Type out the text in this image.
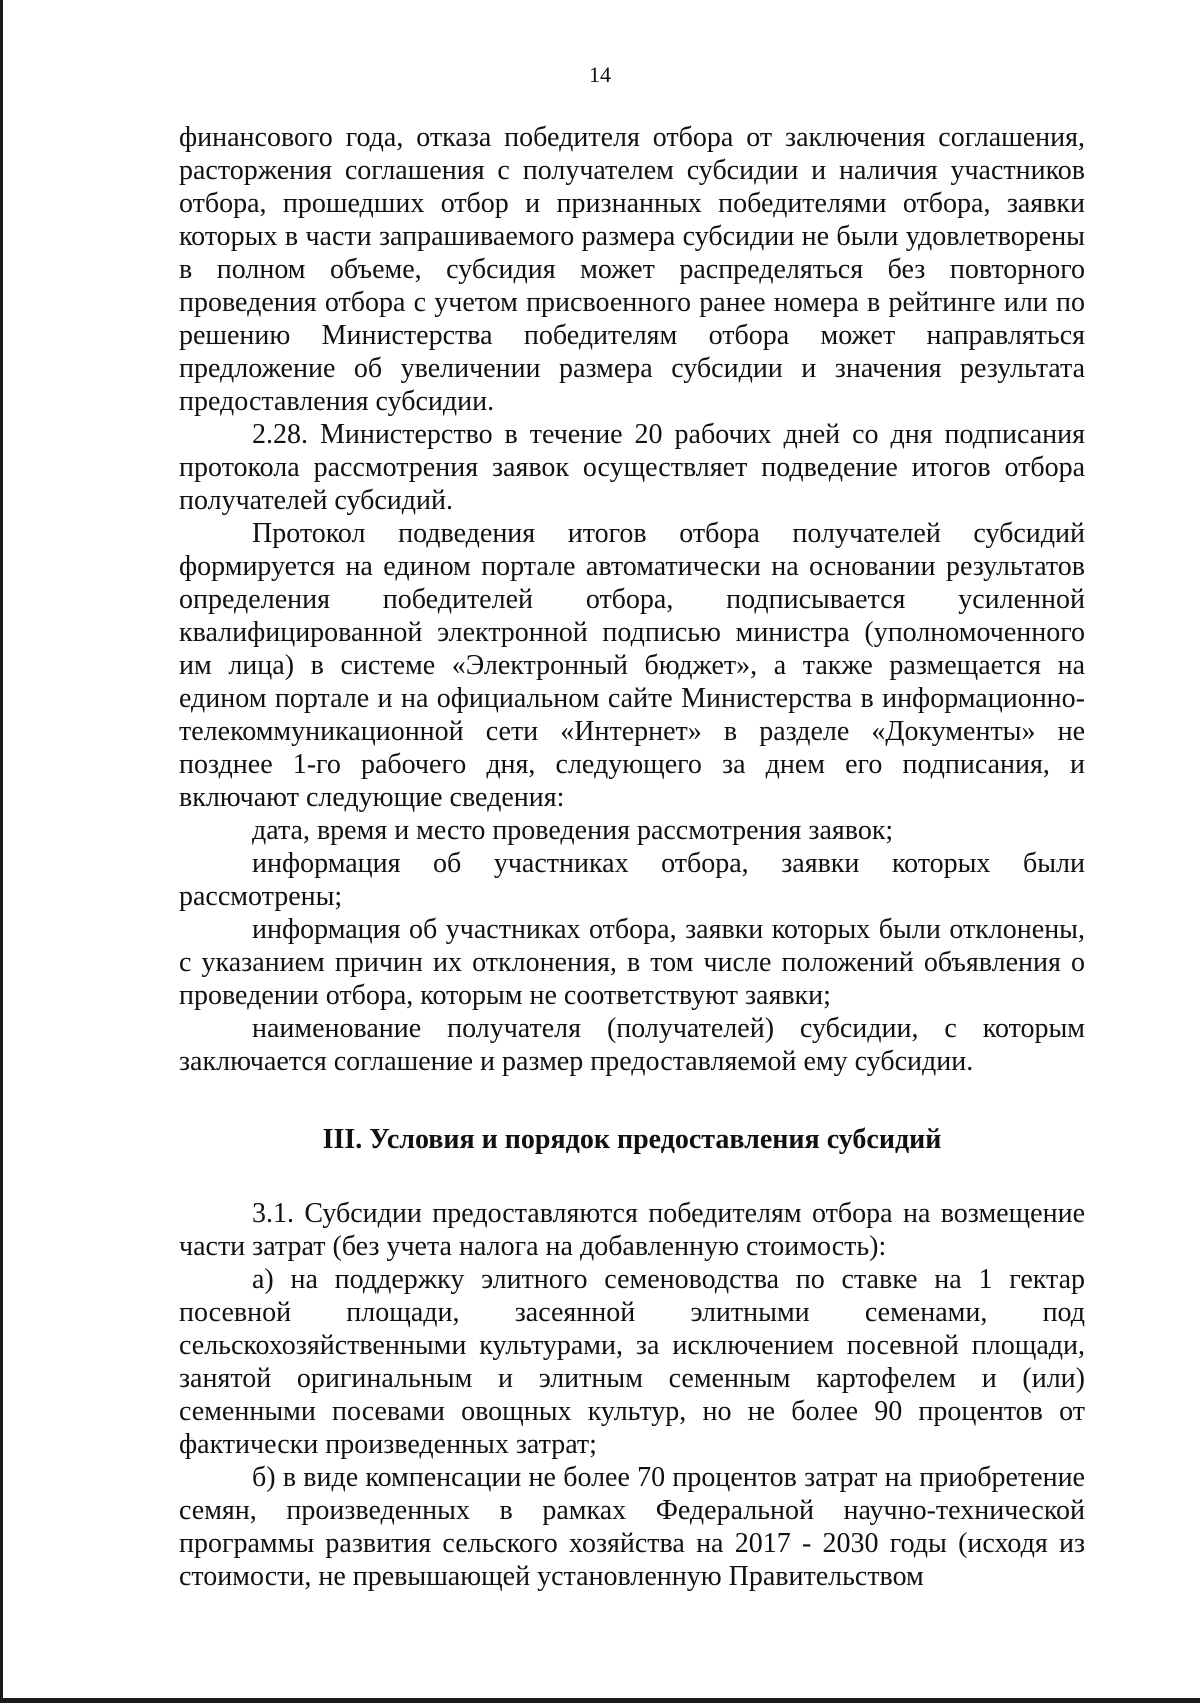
14

финансового года, отказа победителя отбора от заключения соглашения, расторжения соглашения с получателем субсидии и наличия участников отбора, прошедших отбор и признанных победителями отбора, заявки которых в части запрашиваемого размера субсидии не были удовлетворены в полном объеме, субсидия может распределяться без повторного проведения отбора с учетом присвоенного ранее номера в рейтинге или по решению Министерства победителям отбора может направляться предложение об увеличении размера субсидии и значения результата предоставления субсидии.

2.28. Министерство в течение 20 рабочих дней со дня подписания протокола рассмотрения заявок осуществляет подведение итогов отбора получателей субсидий.

Протокол подведения итогов отбора получателей субсидий формируется на едином портале автоматически на основании результатов определения победителей отбора, подписывается усиленной квалифицированной электронной подписью министра (уполномоченного им лица) в системе «Электронный бюджет», а также размещается на едином портале и на официальном сайте Министерства в информационно-телекоммуникационной сети «Интернет» в разделе «Документы» не позднее 1-го рабочего дня, следующего за днем его подписания, и включают следующие сведения:

дата, время и место проведения рассмотрения заявок;

информация об участниках отбора, заявки которых были рассмотрены;

информация об участниках отбора, заявки которых были отклонены, с указанием причин их отклонения, в том числе положений объявления о проведении отбора, которым не соответствуют заявки;

наименование получателя (получателей) субсидии, с которым заключается соглашение и размер предоставляемой ему субсидии.

III. Условия и порядок предоставления субсидий

3.1. Субсидии предоставляются победителям отбора на возмещение части затрат (без учета налога на добавленную стоимость):

а) на поддержку элитного семеноводства по ставке на 1 гектар посевной площади, засеянной элитными семенами, под сельскохозяйственными культурами, за исключением посевной площади, занятой оригинальным и элитным семенным картофелем и (или) семенными посевами овощных культур, но не более 90 процентов от фактически произведенных затрат;

б) в виде компенсации не более 70 процентов затрат на приобретение семян, произведенных в рамках Федеральной научно-технической программы развития сельского хозяйства на 2017 - 2030 годы (исходя из стоимости, не превышающей установленную Правительством
